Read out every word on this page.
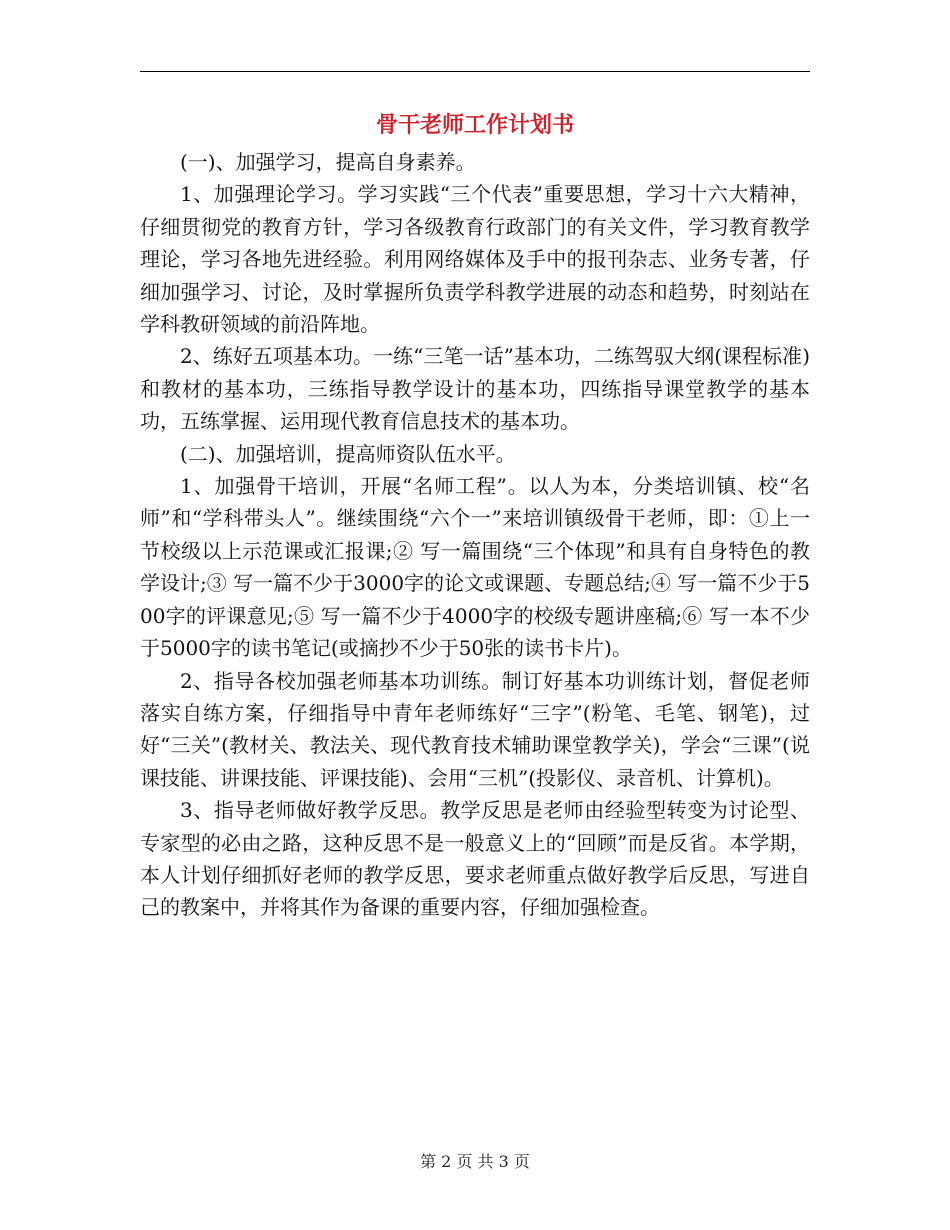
骨干老师工作计划书

(一)、加强学习，提高自身素养。

1、加强理论学习。学习实践“三个代表”重要思想，学习十六大精神，仔细贯彻党的教育方针，学习各级教育行政部门的有关文件，学习教育教学理论，学习各地先进经验。利用网络媒体及手中的报刊杂志、业务专著，仔细加强学习、讨论，及时掌握所负责学科教学进展的动态和趋势，时刻站在学科教研领域的前沿阵地。

2、练好五项基本功。一练“三笔一话”基本功，二练驾驭大纲(课程标准)和教材的基本功，三练指导教学设计的基本功，四练指导课堂教学的基本功，五练掌握、运用现代教育信息技术的基本功。

(二)、加强培训，提高师资队伍水平。

1、加强骨干培训，开展“名师工程”。以人为本，分类培训镇、校“名师”和“学科带头人”。继续围绕“六个一”来培训镇级骨干老师，即：①上一节校级以上示范课或汇报课;② 写一篇围绕“三个体现”和具有自身特色的教学设计;③ 写一篇不少于3000字的论文或课题、专题总结;④ 写一篇不少于500字的评课意见;⑤ 写一篇不少于4000字的校级专题讲座稿;⑥ 写一本不少于5000字的读书笔记(或摘抄不少于50张的读书卡片)。

2、指导各校加强老师基本功训练。制订好基本功训练计划，督促老师落实自练方案，仔细指导中青年老师练好“三字”(粉笔、毛笔、钢笔)，过好“三关”(教材关、教法关、现代教育技术辅助课堂教学关)，学会“三课”(说课技能、讲课技能、评课技能)、会用“三机”(投影仪、录音机、计算机)。

3、指导老师做好教学反思。教学反思是老师由经验型转变为讨论型、专家型的必由之路，这种反思不是一般意义上的“回顾”而是反省。本学期，本人计划仔细抓好老师的教学反思，要求老师重点做好教学后反思，写进自己的教案中，并将其作为备课的重要内容，仔细加强检查。

第 2 页 共 3 页
